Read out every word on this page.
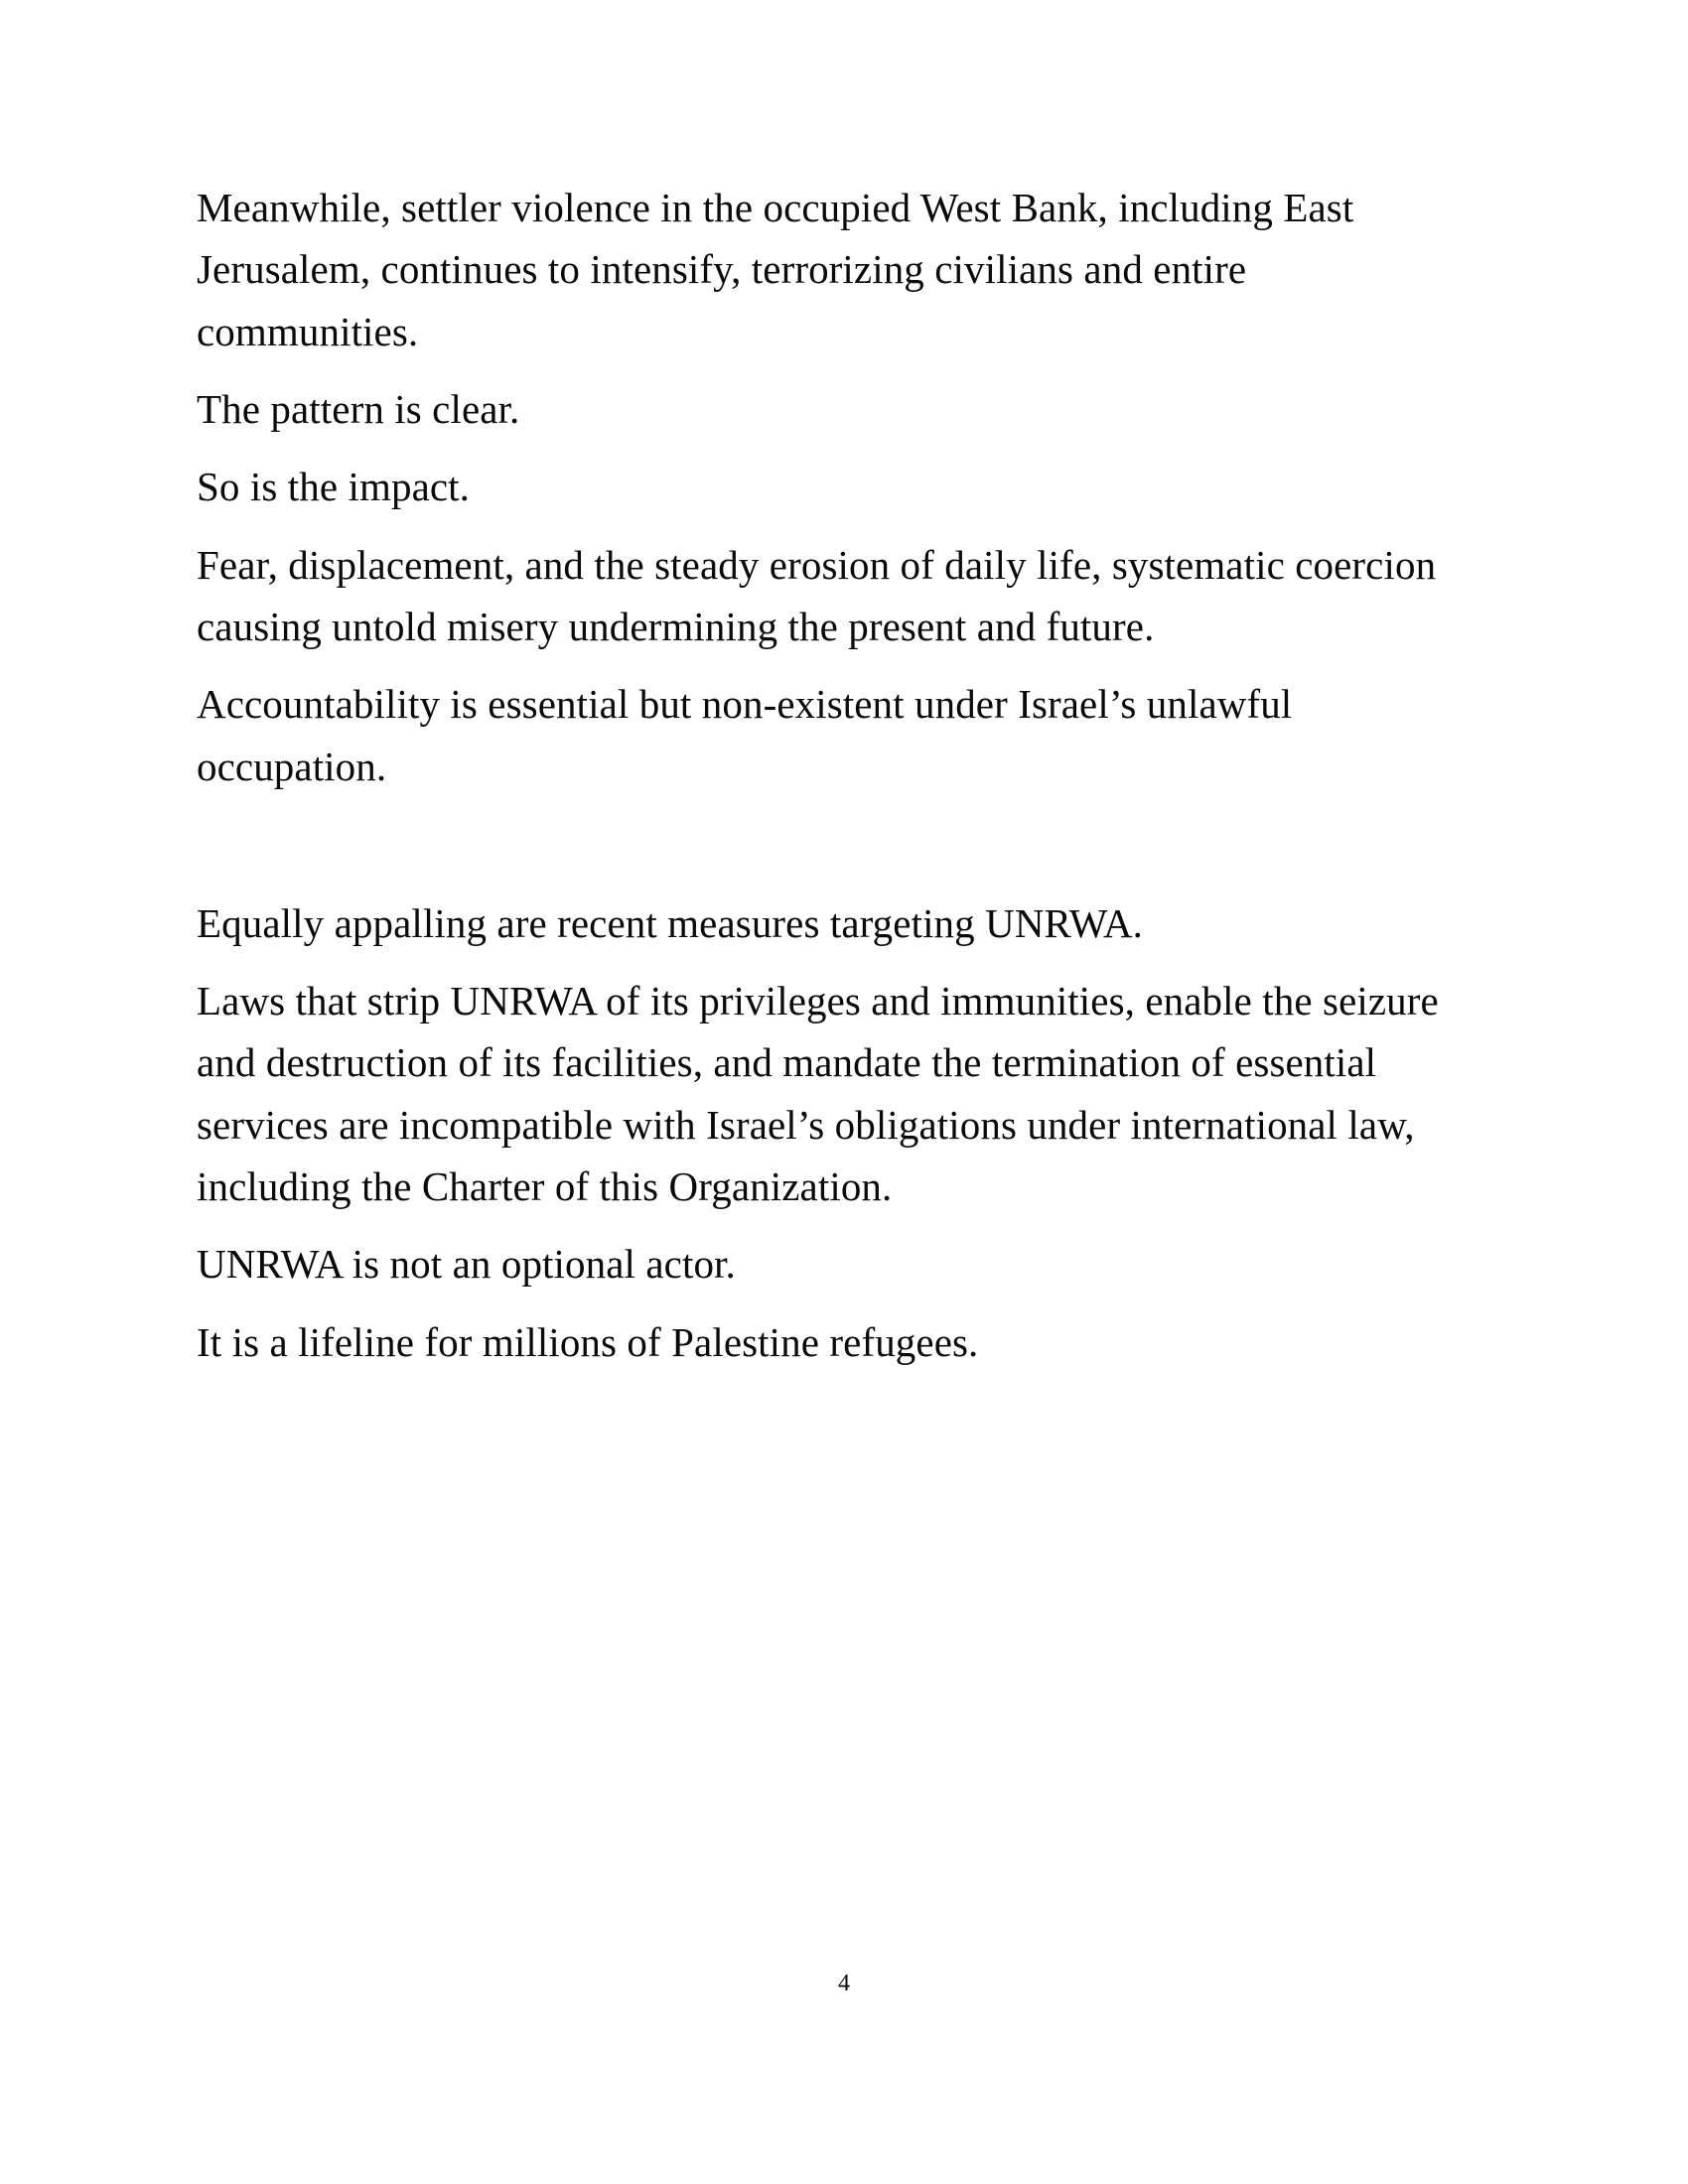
Meanwhile, settler violence in the occupied West Bank, including East Jerusalem, continues to intensify, terrorizing civilians and entire communities.

The pattern is clear.

So is the impact.

Fear, displacement, and the steady erosion of daily life, systematic coercion causing untold misery undermining the present and future.

Accountability is essential but non-existent under Israel’s unlawful occupation.

Equally appalling are recent measures targeting UNRWA.

Laws that strip UNRWA of its privileges and immunities, enable the seizure and destruction of its facilities, and mandate the termination of essential services are incompatible with Israel’s obligations under international law, including the Charter of this Organization.

UNRWA is not an optional actor.

It is a lifeline for millions of Palestine refugees.

4
